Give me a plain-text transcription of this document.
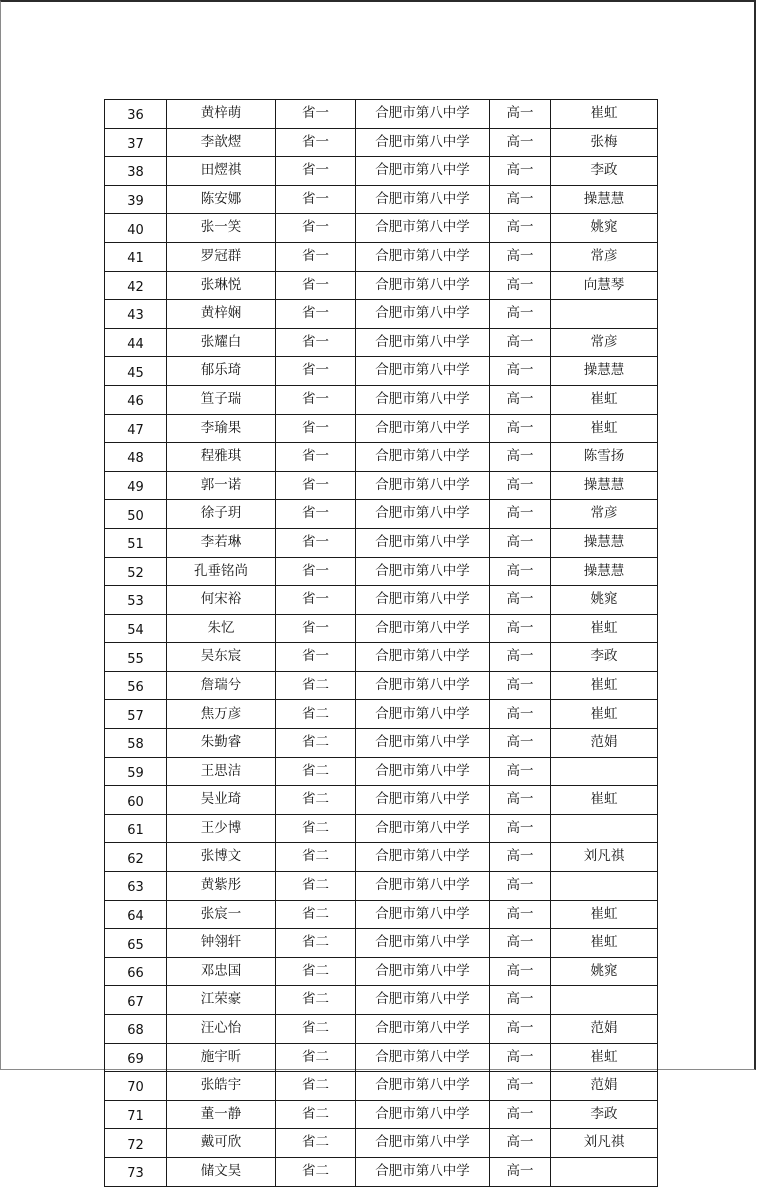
36	黄梓萌	省一	合肥市第八中学	高一	崔虹
37	李歆熤	省一	合肥市第八中学	高一	张梅
38	田熤祺	省一	合肥市第八中学	高一	李政
39	陈安娜	省一	合肥市第八中学	高一	操慧慧
40	张一笑	省一	合肥市第八中学	高一	姚窕
41	罗冠群	省一	合肥市第八中学	高一	常彦
42	张琳悦	省一	合肥市第八中学	高一	向慧琴
43	黄梓娴	省一	合肥市第八中学	高一	
44	张耀白	省一	合肥市第八中学	高一	常彦
45	郁乐琦	省一	合肥市第八中学	高一	操慧慧
46	笪子瑞	省一	合肥市第八中学	高一	崔虹
47	李瑜果	省一	合肥市第八中学	高一	崔虹
48	程雅琪	省一	合肥市第八中学	高一	陈雪扬
49	郭一诺	省一	合肥市第八中学	高一	操慧慧
50	徐子玥	省一	合肥市第八中学	高一	常彦
51	李若琳	省一	合肥市第八中学	高一	操慧慧
52	孔垂铭尚	省一	合肥市第八中学	高一	操慧慧
53	何宋裕	省一	合肥市第八中学	高一	姚窕
54	朱忆	省一	合肥市第八中学	高一	崔虹
55	吴东宸	省一	合肥市第八中学	高一	李政
56	詹瑞兮	省二	合肥市第八中学	高一	崔虹
57	焦万彦	省二	合肥市第八中学	高一	崔虹
58	朱勤睿	省二	合肥市第八中学	高一	范娟
59	王思洁	省二	合肥市第八中学	高一	
60	吴业琦	省二	合肥市第八中学	高一	崔虹
61	王少博	省二	合肥市第八中学	高一	
62	张博文	省二	合肥市第八中学	高一	刘凡祺
63	黄紫彤	省二	合肥市第八中学	高一	
64	张宸一	省二	合肥市第八中学	高一	崔虹
65	钟翎轩	省二	合肥市第八中学	高一	崔虹
66	邓忠国	省二	合肥市第八中学	高一	姚窕
67	江荣豪	省二	合肥市第八中学	高一	
68	汪心怡	省二	合肥市第八中学	高一	范娟
69	施宇昕	省二	合肥市第八中学	高一	崔虹
70	张皓宇	省二	合肥市第八中学	高一	范娟
71	董一静	省二	合肥市第八中学	高一	李政
72	戴可欣	省二	合肥市第八中学	高一	刘凡祺
73	储文昊	省二	合肥市第八中学	高一	
